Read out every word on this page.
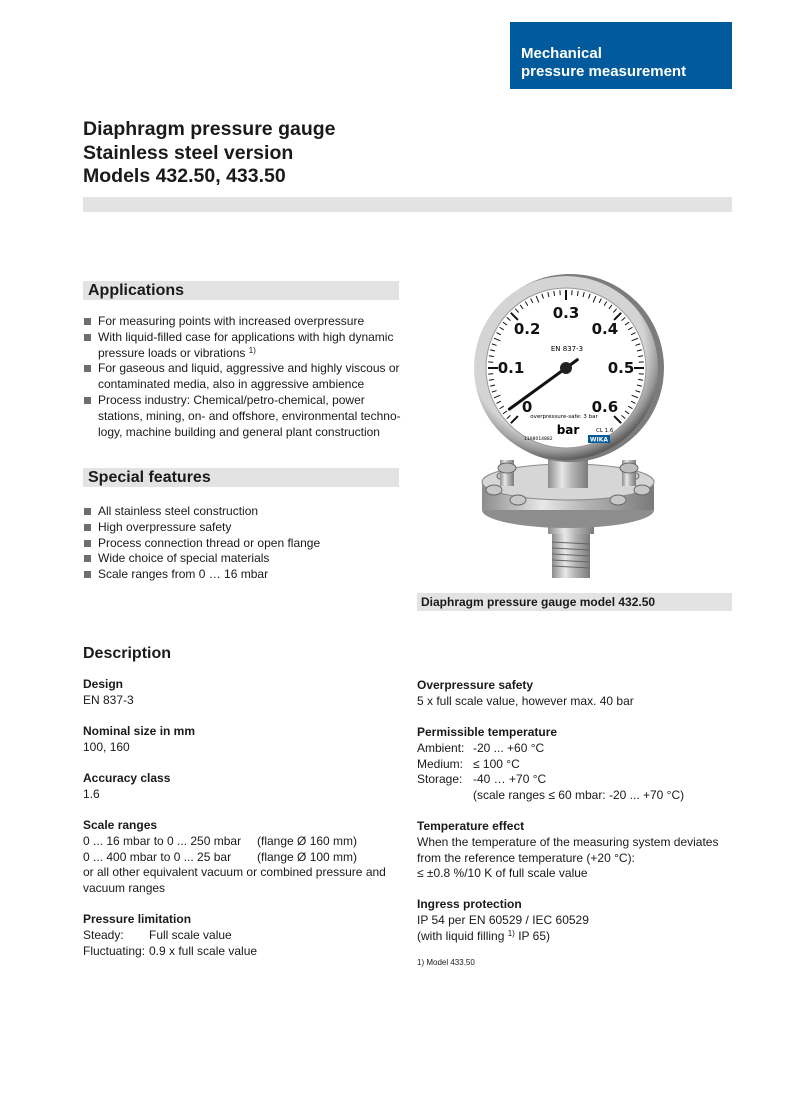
Mechanical
pressure measurement
Diaphragm pressure gauge
Stainless steel version
Models 432.50, 433.50
Applications
For measuring points with increased overpressure
With liquid-filled case for applications with high dynamic pressure loads or vibrations $^{1)}$
For gaseous and liquid, aggressive and highly viscous or contaminated media, also in aggressive ambience
Process industry: Chemical/petro-chemical, power stations, mining, on- and offshore, environmental techno-logy, machine building and general plant construction
Special features
All stainless steel construction
High overpressure safety
Process connection thread or open flange
Wide choice of special materials
Scale ranges from 0 … 16 mbar
0
0.1
0.2
0.3
0.4
0.5
0.6
EN 837-3
bar
overpressure-safe: 3 bar
1198014882
CL 1.6
WIKA
Diaphragm pressure gauge model 432.50
Description
Design
EN 837-3
Nominal size in mm
100, 160
Accuracy class
1.6
Scale ranges
0 ... 16 mbar to 0 ... 250 mbar	(flange Ø 160 mm)
0 ... 400 mbar to 0 ... 25 bar	(flange Ø 100 mm)
or all other equivalent vacuum or combined pressure and
vacuum ranges
Pressure limitation
Steady:	Full scale value
Fluctuating: 0.9 x full scale value
Overpressure safety
5 x full scale value, however max. 40 bar
Permissible temperature
Ambient: -20 ... +60 °C
Medium: ≤ 100 °C
Storage: -40 … +70 °C
(scale ranges ≤ 60 mbar: -20 ... +70 °C)
Temperature effect
When the temperature of the measuring system deviates
from the reference temperature (+20 °C):
≤ ±0.8 %/10 K of full scale value
Ingress protection
IP 54 per EN 60529 / IEC 60529
(with liquid filling $^{1)}$ IP 65)
1) Model 433.50
